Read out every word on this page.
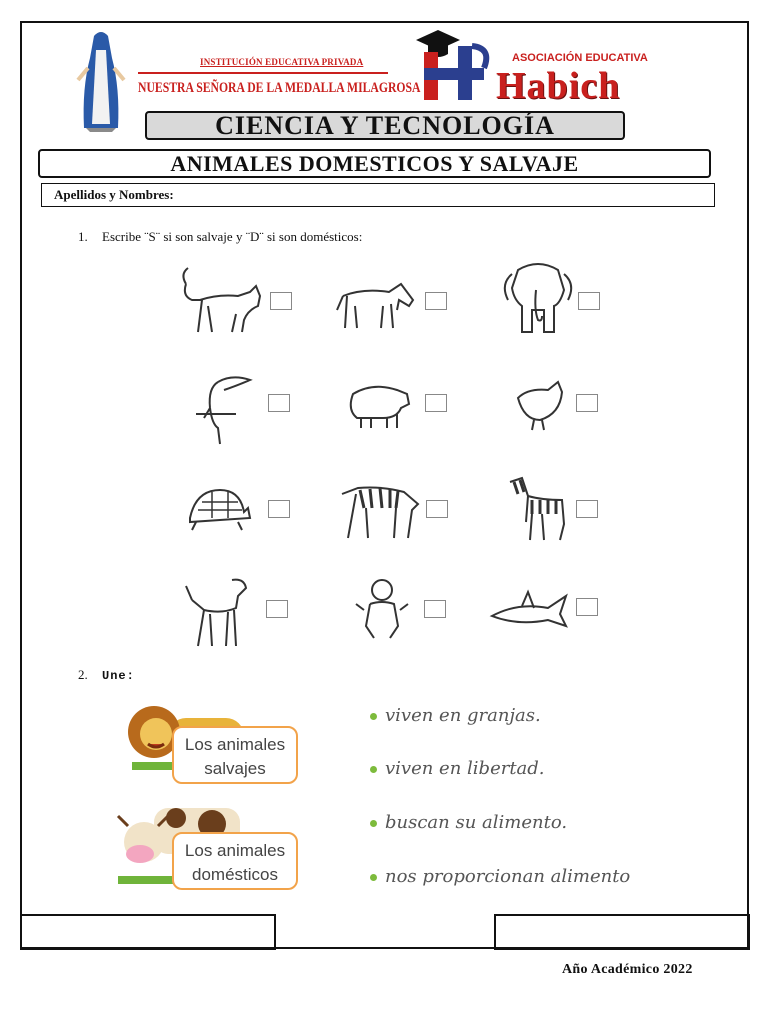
INSTITUCIÓN EDUCATIVA PRIVADA
NUESTRA SEÑORA DE LA MEDALLA MILAGROSA
ASOCIACIÓN EDUCATIVA
Habich
CIENCIA Y TECNOLOGÍA
ANIMALES DOMESTICOS Y SALVAJE
Apellidos y Nombres:
1. Escribe ¨S¨ si son salvaje y ¨D¨ si son domésticos:
2. Une:
Los animales
salvajes
Los animales
domésticos
viven en granjas.
viven en libertad.
buscan su alimento.
nos proporcionan alimento
Año Académico 2022
